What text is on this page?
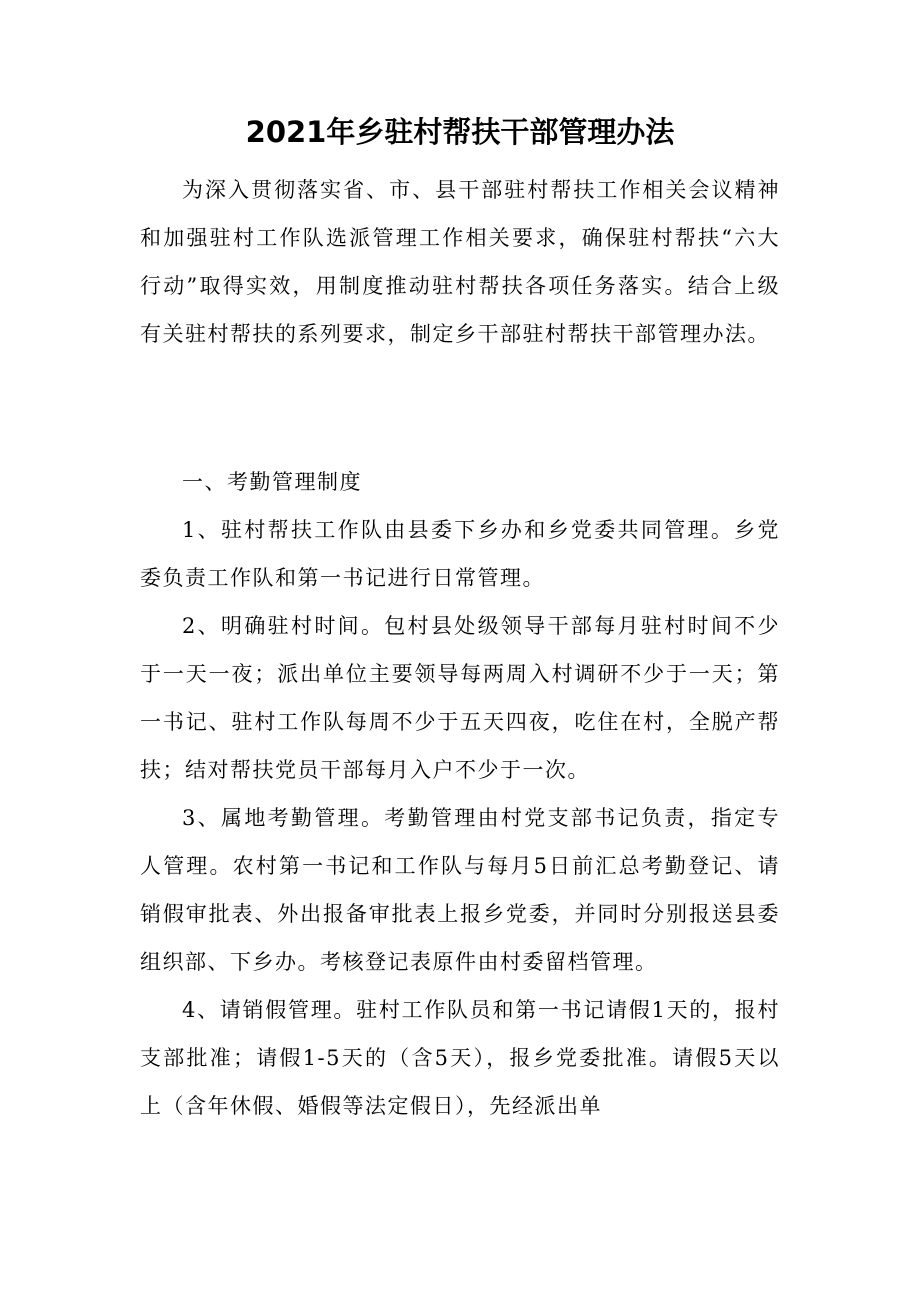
2021年乡驻村帮扶干部管理办法

为深入贯彻落实省、市、县干部驻村帮扶工作相关会议精神和加强驻村工作队选派管理工作相关要求，确保驻村帮扶“六大行动”取得实效，用制度推动驻村帮扶各项任务落实。结合上级有关驻村帮扶的系列要求，制定乡干部驻村帮扶干部管理办法。

一、考勤管理制度

1、驻村帮扶工作队由县委下乡办和乡党委共同管理。乡党委负责工作队和第一书记进行日常管理。

2、明确驻村时间。包村县处级领导干部每月驻村时间不少于一天一夜；派出单位主要领导每两周入村调研不少于一天；第一书记、驻村工作队每周不少于五天四夜，吃住在村，全脱产帮扶；结对帮扶党员干部每月入户不少于一次。

3、属地考勤管理。考勤管理由村党支部书记负责，指定专人管理。农村第一书记和工作队与每月5日前汇总考勤登记、请销假审批表、外出报备审批表上报乡党委，并同时分别报送县委组织部、下乡办。考核登记表原件由村委留档管理。

4、请销假管理。驻村工作队员和第一书记请假1天的，报村支部批准；请假1-5天的（含5天），报乡党委批准。请假5天以上（含年休假、婚假等法定假日），先经派出单
